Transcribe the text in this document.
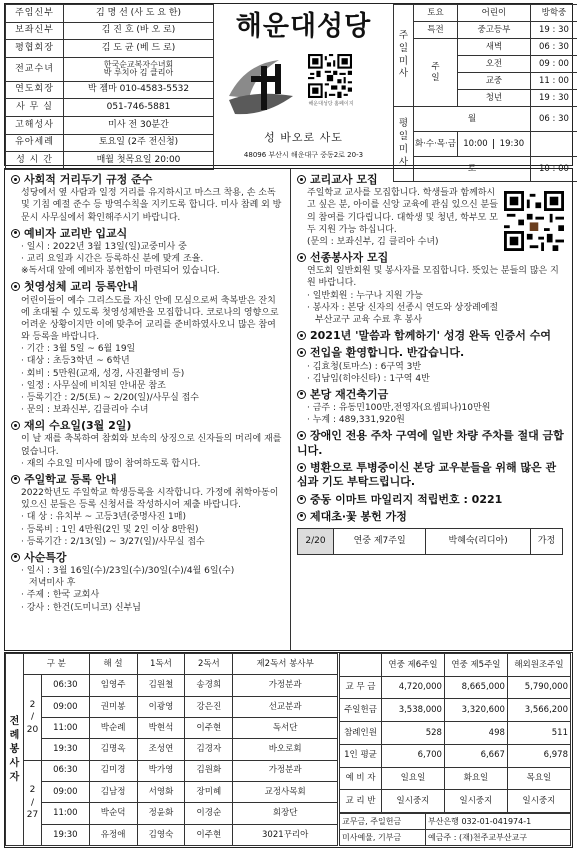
주임신부	김 명 선 (사 도 요 한)
보좌신부	김 진 호 (바 오 로)
평협회장	김 도 균 (베 드 로)
전교수녀	한국순교복자수녀회
박 루치아 김 클리아
연도회장	박 젬마 010-4583-5532
사 무 실	051-746-5881
고해성사	미사 전 30분간
유아세례	토요일 (2주 전신청)
성 시 간	매월 첫목요일 20:00
해운대성당
해운대성당 홈페이지
성 바오로 사도
48096 부산시 해운대구 중동2로 20-3
주
일
미
사	토요	어린이	방학중
	특전	중고등부	19 : 30
	주
일	새벽	06 : 30
		오전	09 : 00
		교중	11 : 00
		청년	19 : 30
평
일
미
사	월		06 : 30
	화·수·목·금	10:00 19:30	
	토		10 : 00
사회적 거리두기 규정 준수
성당에서 옆 사람과 일정 거리를 유지하시고 마스크 착용, 손 소독 및 기침 예절 준수 등 방역수칙을 지키도록 합니다. 미사 참례 외 방문시 사무실에서 확인해주시기 바랍니다.
예비자 교리반 입교식
· 일시 : 2022년 3월 13일(일)교중미사 중
· 교리 요일과 시간은 등록하신 분에 맞게 조율.
※독서대 앞에 예비자 봉헌함이 마련되어 있습니다.
첫영성체 교리 등록안내
어린이들이 예수 그리스도를 자신 안에 모심으로써 축복받은 잔치에 초대될 수 있도록 첫영성체반을 모집합니다. 코로나의 영향으로 어려운 상황이지만 이에 맞추어 교리를 준비하였사오니 많은 참여와 등록을 바랍니다.
· 기간 : 3월 5일 ~ 6월 19일
· 대상 : 초등3학년 ~ 6학년
· 회비 : 5만원(교재, 성경, 사진촬영비 등)
· 일정 : 사무실에 비치된 안내문 참조
· 등록기간 : 2/5(토) ~ 2/20(일)/사무실 접수
· 문의 : 보좌신부, 김클리아 수녀
재의 수요일(3월 2일)
이 날 재를 축복하여 참회와 보속의 상징으로 신자들의 머리에 재를 얹습니다.
· 재의 수요일 미사에 많이 참여하도록 합시다.
주일학교 등록 안내
2022학년도 주일학교 학생등록을 시작합니다. 가정에 취학아동이 있으신 분들은 등록 신청서를 작성하시어 제출 바랍니다.
· 대 상 : 유치부 ~ 고등3년(중명사진 1매)
· 등록비 : 1인 4만원(2인 및 2인 이상 8만원)
· 등록기간 : 2/13(일) ~ 3/27(일)/사무실 접수
사순특강
· 일시 : 3월 16일(수)/23일(수)/30일(수)/4월 6일(수)
저녁미사 후
· 주제 : 한국 교회사
· 강사 : 한건(도미니코) 신부님
교리교사 모집
주일학교 교사를 모집합니다. 학생들과 함께하시고 싶은 분, 아이를 신앙 교육에 관심 있으신 분들의 참여를 기다립니다. 대학생 및 청년, 학부모 모두 지원 가능 하십니다.
(문의 : 보좌신부, 김 클리아 수녀)
선종봉사자 모집
연도회 일반회원 및 봉사자를 모집합니다. 뜻있는 분들의 많은 지원 바랍니다.
· 일반회원 : 누구나 지원 가능
· 봉사자 : 본당 신자의 선종시 연도와 상장례예절
부산교구 교육 수료 후 봉사
2021년 '말씀과 함께하기' 성경 완독 인증서 수여
전입을 환영합니다. 반갑습니다.
· 김효청(토마스) : 6구역 3반
· 김남임(히야신타) : 1구역 4반
본당 재건축기금
· 금주 : 유동민100만,전영자(요셉피나)10만원
· 누계 : 489,331,920원
장애인 전용 주차 구역에 일반 차량 주차를 절대 금합니다.
병환으로 투병중이신 본당 교우분들을 위해 많은 관심과 기도 부탁드립니다.
중동 이마트 마일리지 적립번호 : 0221
제대초·꽃 봉헌 가정
2/20	연중 제7주일	박혜숙(리디아)	가정
전
례
봉
사
자	구 분		해 설	1독서	2독서	제2독서 봉사부
	2
/
20	06:30	임영주	김원철	송경희	가정분과
		09:00	권미봉	이광영	강은진	선교분과
		11:00	박순례	박현석	이주현	독서단
		19:30	김명옥	조성연	김경자	바오로회
	2
/
27	06:30	김미경	박가영	김원화	가정분과
		09:00	김남정	서영화	장미혜	교정사목회
		11:00	박순덕	정윤화	이경순	회장단
		19:30	유정애	김영숙	이주현	3021꾸리아
	연중 제6주일	연중 제5주일	해외원조주일
교 무 금	4,720,000	8,665,000	5,790,000
주일헌금	3,538,000	3,320,600	3,566,200
참례인원	528	498	511
1인 평균	6,700	6,667	6,978
예 비 자	일요일	화요일	목요일
교 리 반	일시중지	일시중지	일시중지
교무금, 주일헌금	부산은행 032-01-041974-1
미사예물, 기부금	예금주 : (재)천주교부산교구
